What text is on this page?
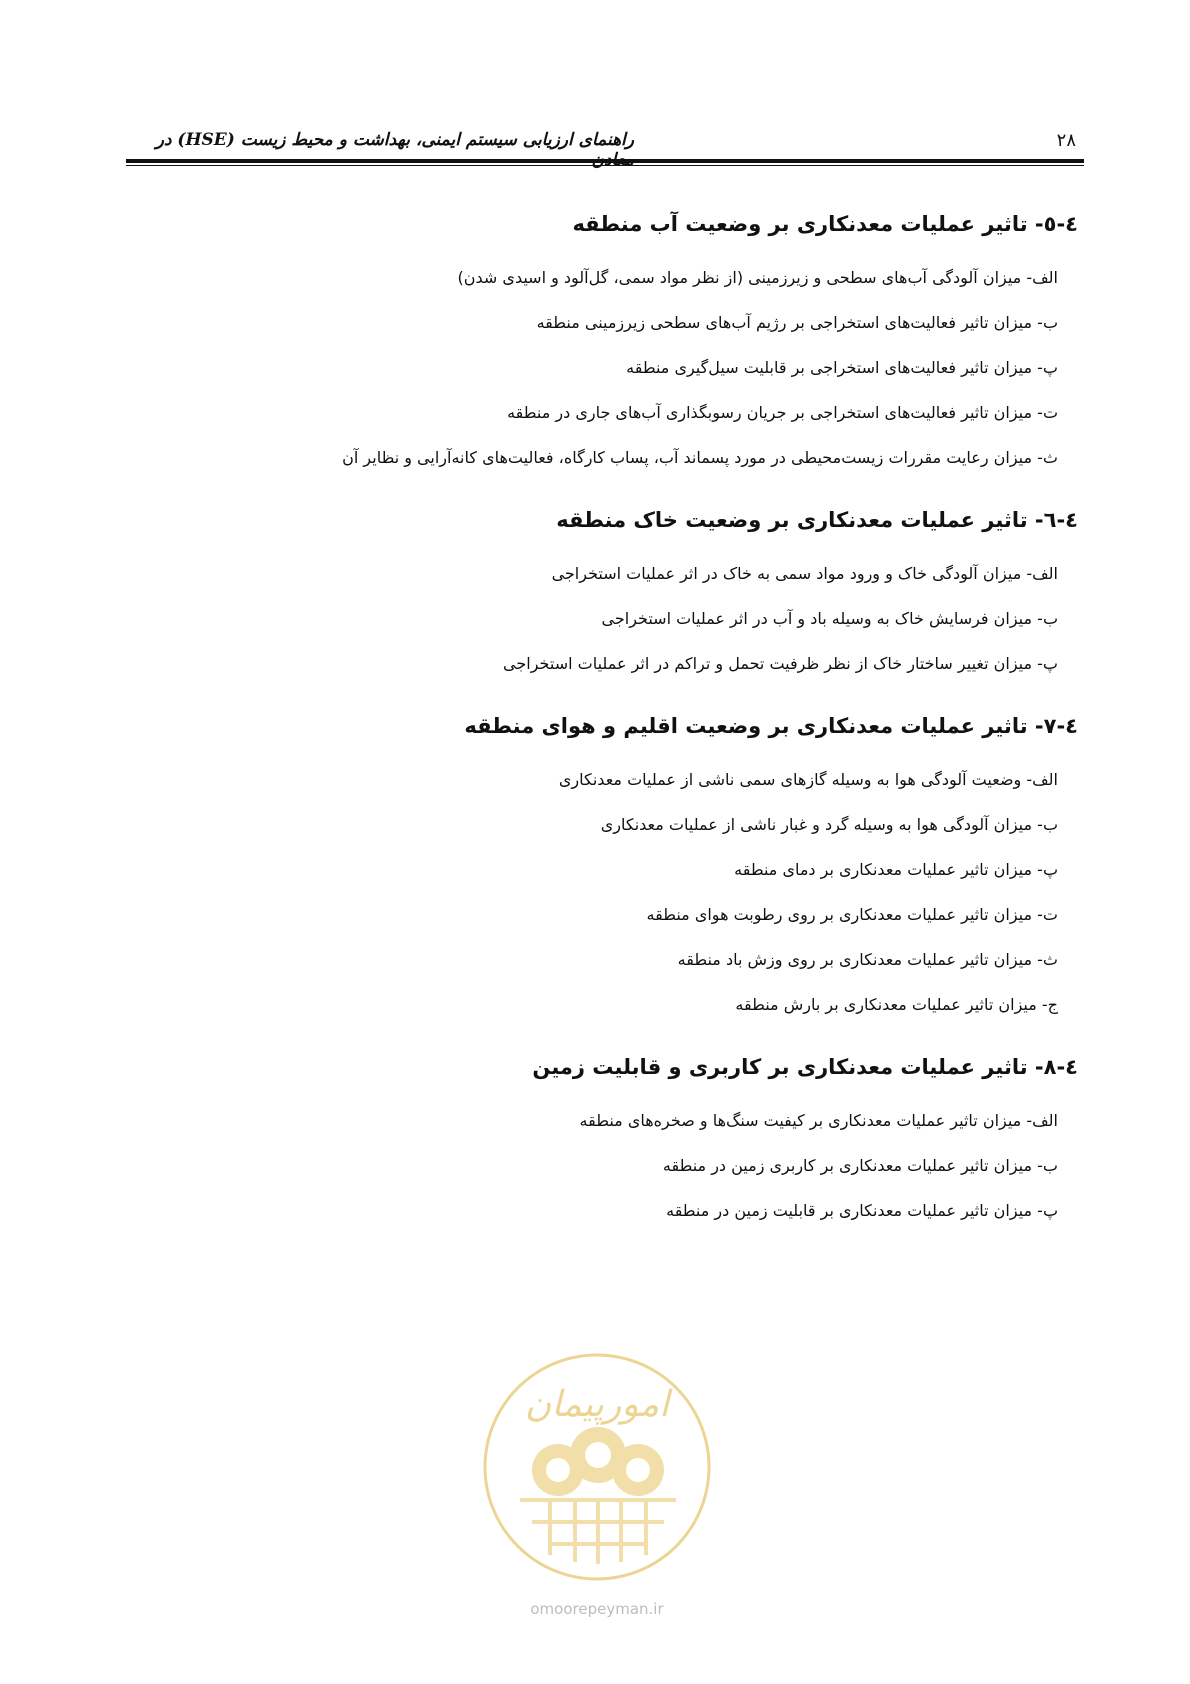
راهنمای ارزیابی سیستم ایمنی، بهداشت و محیط زیست (HSE) در	۲۸
٤-٥- تاثیر عملیات معدنکاری بر وضعیت آب منطقه
الف- میزان آلودگی آب‌های سطحی و زیرزمینی (از نظر مواد سمی، گل‌آلود و اسیدی شدن)
ب- میزان تاثیر فعالیت‌های استخراجی بر رژیم آب‌های سطحی زیرزمینی منطقه
پ- میزان تاثیر فعالیت‌های استخراجی بر قابلیت سیل‌گیری منطقه
ت- میزان تاثیر فعالیت‌های استخراجی بر جریان رسوبگذاری آب‌های جاری در منطقه
ث- میزان رعایت مقررات زیست‌محیطی در مورد پسماند آب، پساب کارگاه، فعالیت‌های کانه‌آرایی و نظایر آن
٤-٦- تاثیر عملیات معدنکاری بر وضعیت خاک منطقه
الف- میزان آلودگی خاک و ورود مواد سمی به خاک در اثر عملیات استخراجی
ب- میزان فرسایش خاک به وسیله باد و آب در اثر عملیات استخراجی
پ- میزان تغییر ساختار خاک از نظر ظرفیت تحمل و تراکم در اثر عملیات استخراجی
٤-٧- تاثیر عملیات معدنکاری بر وضعیت اقلیم و هوای منطقه
الف- وضعیت آلودگی هوا به وسیله گازهای سمی ناشی از عملیات معدنکاری
ب- میزان آلودگی هوا به وسیله گرد و غبار ناشی از عملیات معدنکاری
پ- میزان تاثیر عملیات معدنکاری بر دمای منطقه
ت- میزان تاثیر عملیات معدنکاری بر روی رطوبت هوای منطقه
ث- میزان تاثیر عملیات معدنکاری بر روی وزش باد منطقه
ج- میزان تاثیر عملیات معدنکاری بر بارش منطقه
٤-٨- تاثیر عملیات معدنکاری بر کاربری و قابلیت زمین
الف- میزان تاثیر عملیات معدنکاری بر کیفیت سنگ‌ها و صخره‌های منطقه
ب- میزان تاثیر عملیات معدنکاری بر کاربری زمین در منطقه
پ- میزان تاثیر عملیات معدنکاری بر قابلیت زمین در منطقه
امورپیمان
omoorepeyman.ir
